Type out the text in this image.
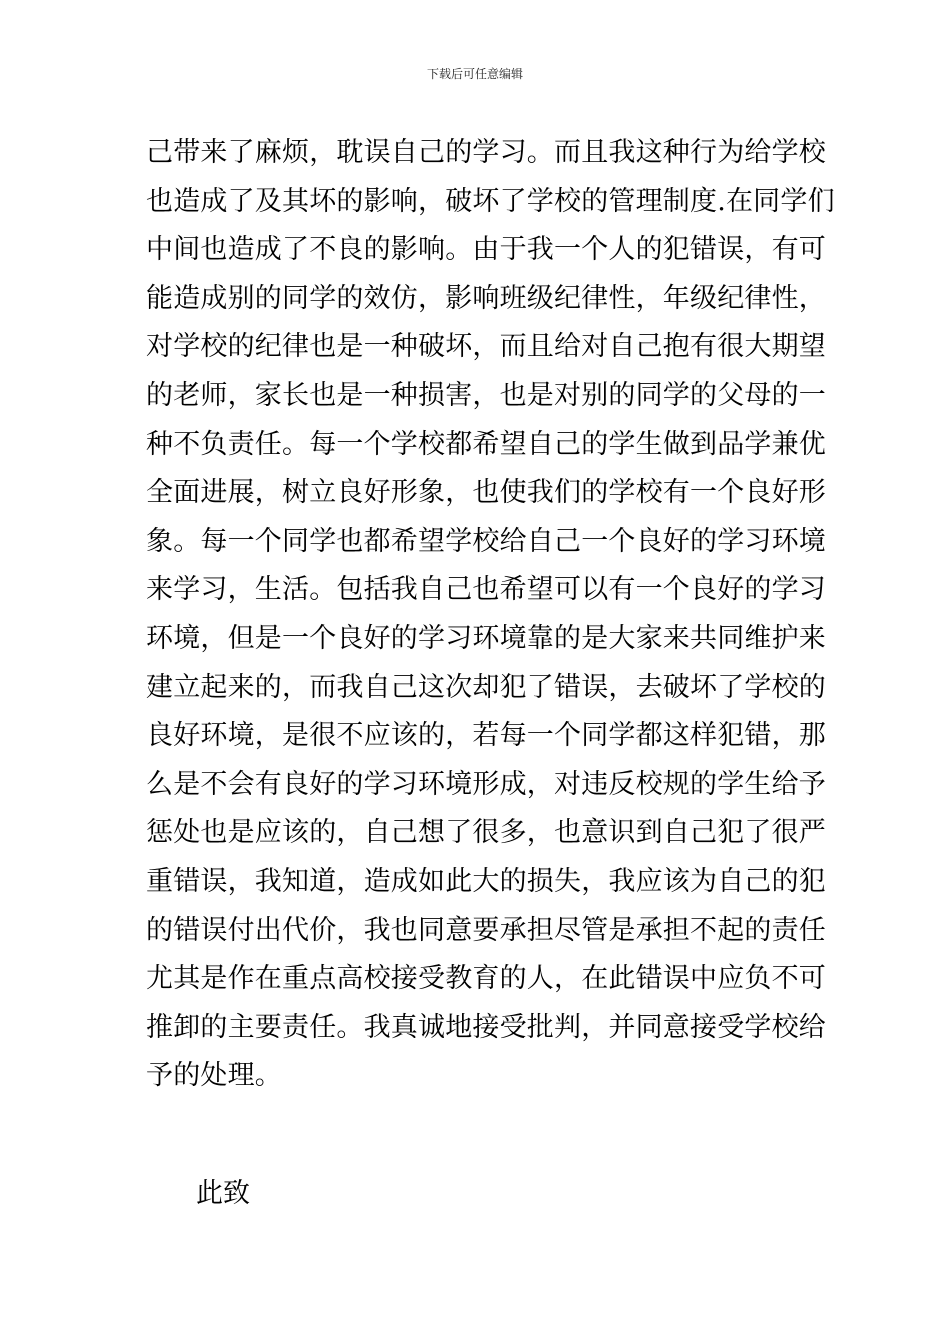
下载后可任意编辑
己带来了麻烦，耽误自己的学习。而且我这种行为给学校
也造成了及其坏的影响，破坏了学校的管理制度.在同学们
中间也造成了不良的影响。由于我一个人的犯错误，有可
能造成别的同学的效仿，影响班级纪律性，年级纪律性，
对学校的纪律也是一种破坏，而且给对自己抱有很大期望
的老师，家长也是一种损害，也是对别的同学的父母的一
种不负责任。每一个学校都希望自己的学生做到品学兼优
全面进展，树立良好形象，也使我们的学校有一个良好形
象。每一个同学也都希望学校给自己一个良好的学习环境
来学习，生活。包括我自己也希望可以有一个良好的学习
环境，但是一个良好的学习环境靠的是大家来共同维护来
建立起来的，而我自己这次却犯了错误，去破坏了学校的
良好环境，是很不应该的，若每一个同学都这样犯错，那
么是不会有良好的学习环境形成，对违反校规的学生给予
惩处也是应该的，自己想了很多，也意识到自己犯了很严
重错误，我知道，造成如此大的损失，我应该为自己的犯
的错误付出代价，我也同意要承担尽管是承担不起的责任
尤其是作在重点高校接受教育的人，在此错误中应负不可
推卸的主要责任。我真诚地接受批判，并同意接受学校给
予的处理。
此致
